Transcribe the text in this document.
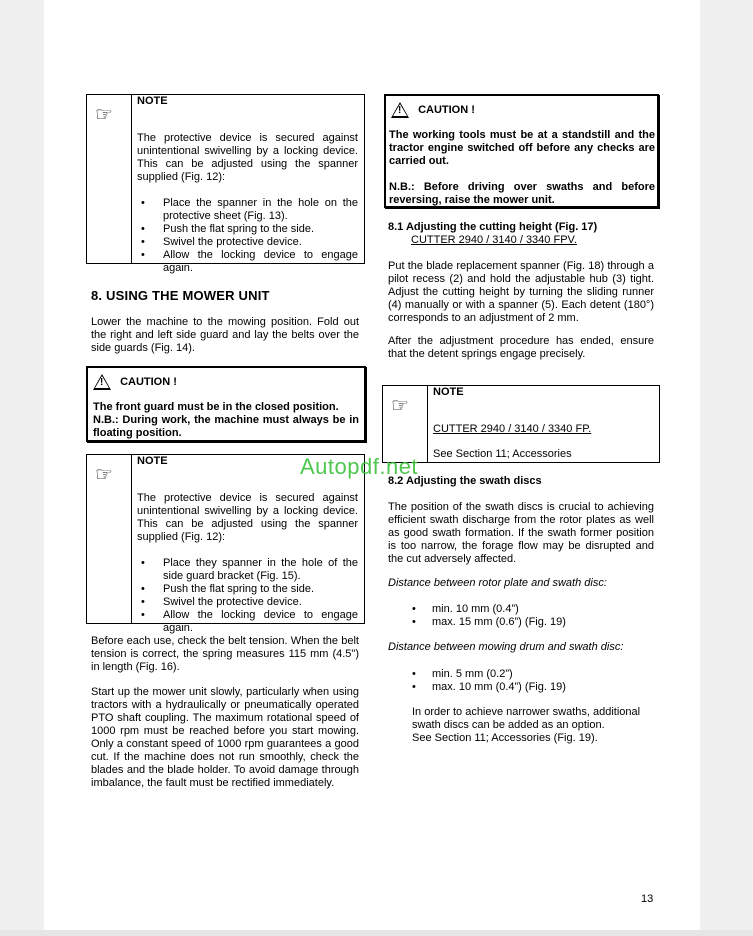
☞
NOTE

The protective device is secured against unintentional swivelling by a locking device. This can be adjusted using the spanner supplied (Fig. 12):

• Place the spanner in the hole on the protective sheet (Fig. 13).
• Push the flat spring to the side.
• Swivel the protective device.
• Allow the locking device to engage again.
8. USING THE MOWER UNIT
Lower the machine to the mowing position. Fold out the right and left side guard and lay the belts over the side guards (Fig. 14).
! CAUTION !

The front guard must be in the closed position.

N.B.: During work, the machine must always be in floating position.

☞
NOTE

The protective device is secured against unintentional swivelling by a locking device. This can be adjusted using the spanner supplied (Fig. 12):

• Place they spanner in the hole of the side guard bracket (Fig. 15).
• Push the flat spring to the side.
• Swivel the protective device.
• Allow the locking device to engage again.
Before each use, check the belt tension. When the belt tension is correct, the spring measures 115 mm (4.5") in length (Fig. 16).
Start up the mower unit slowly, particularly when using tractors with a hydraulically or pneumatically operated PTO shaft coupling. The maximum rotational speed of 1000 rpm must be reached before you start mowing. Only a constant speed of 1000 rpm guarantees a good cut. If the machine does not run smoothly, check the blades and the blade holder. To avoid damage through imbalance, the fault must be rectified immediately.
! CAUTION !

The working tools must be at a standstill and the tractor engine switched off before any checks are carried out.

N.B.: Before driving over swaths and before reversing, raise the mower unit.

8.1 Adjusting the cutting height (Fig. 17)
CUTTER 2940 / 3140 / 3340 FPV.
Put the blade replacement spanner (Fig. 18) through a pilot recess (2) and hold the adjustable hub (3) tight. Adjust the cutting height by turning the sliding runner (4) manually or with a spanner (5). Each detent (180°) corresponds to an adjustment of 2 mm.
After the adjustment procedure has ended, ensure that the detent springs engage precisely.
☞
NOTE

CUTTER 2940 / 3140 / 3340 FP.

See Section 11; Accessories

Autopdf.net
8.2 Adjusting the swath discs
The position of the swath discs is crucial to achieving efficient swath discharge from the rotor plates as well as good swath formation. If the swath former position is too narrow, the forage flow may be disrupted and the cut adversely affected.
Distance between rotor plate and swath disc:
• min. 10 mm (0.4”)
• max. 15 mm (0.6”) (Fig. 19)
Distance between mowing drum and swath disc:
• min. 5 mm (0.2”)
• max. 10 mm (0.4”) (Fig. 19)

In order to achieve narrower swaths, additional swath discs can be added as an option.

See Section 11; Accessories (Fig. 19).

13
